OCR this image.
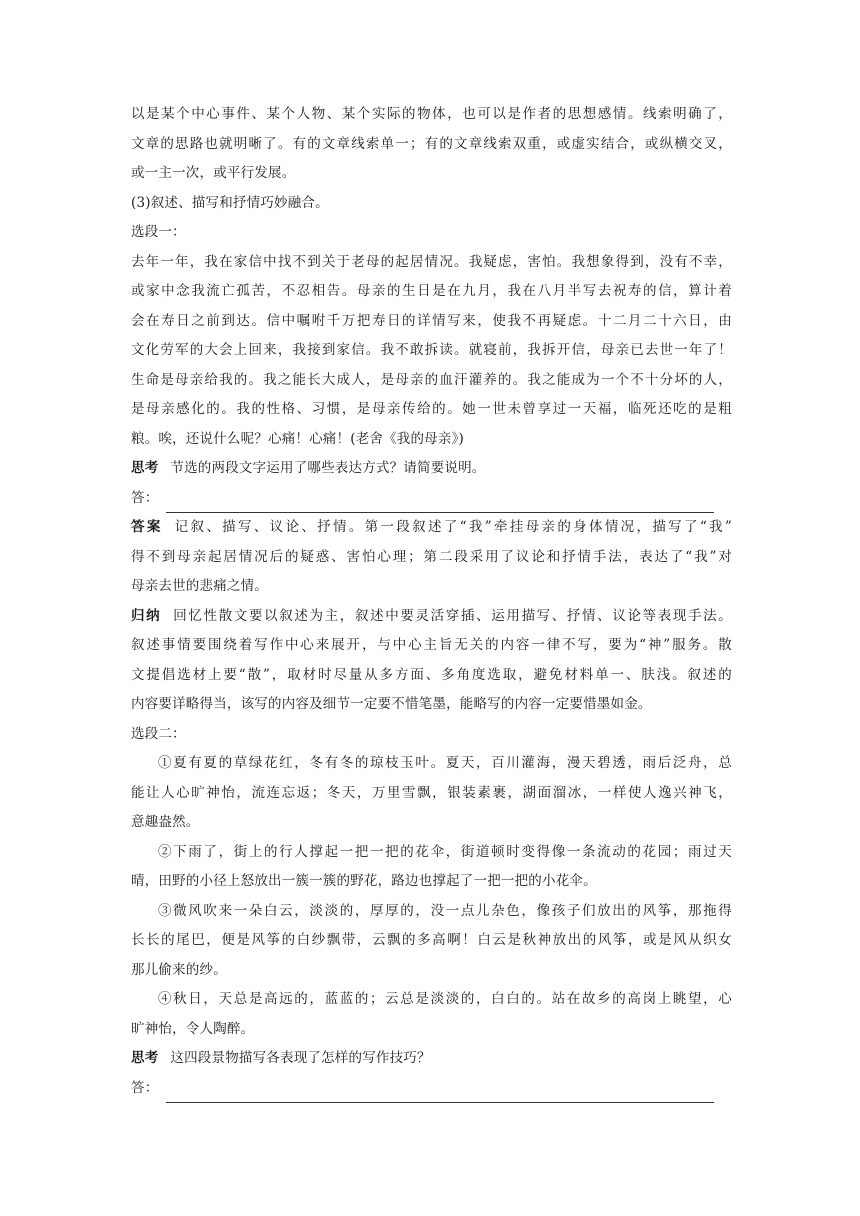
以是某个中心事件、某个人物、某个实际的物体，也可以是作者的思想感情。线索明确了，
文章的思路也就明晰了。有的文章线索单一；有的文章线索双重，或虚实结合，或纵横交叉，
或一主一次，或平行发展。
(3)叙述、描写和抒情巧妙融合。
选段一：
去年一年，我在家信中找不到关于老母的起居情况。我疑虑，害怕。我想象得到，没有不幸，
或家中念我流亡孤苦，不忍相告。母亲的生日是在九月，我在八月半写去祝寿的信，算计着
会在寿日之前到达。信中嘱咐千万把寿日的详情写来，使我不再疑虑。十二月二十六日，由
文化劳军的大会上回来，我接到家信。我不敢拆读。就寝前，我拆开信，母亲已去世一年了！
生命是母亲给我的。我之能长大成人，是母亲的血汗灌养的。我之能成为一个不十分坏的人，
是母亲感化的。我的性格、习惯，是母亲传给的。她一世未曾享过一天福，临死还吃的是粗
粮。唉，还说什么呢？心痛！心痛！(老舍《我的母亲》)
思考 节选的两段文字运用了哪些表达方式？请简要说明。
答：
答案 记叙、描写、议论、抒情。第一段叙述了“我”牵挂母亲的身体情况，描写了“我”
得不到母亲起居情况后的疑惑、害怕心理；第二段采用了议论和抒情手法，表达了“我”对
母亲去世的悲痛之情。
归纳 回忆性散文要以叙述为主，叙述中要灵活穿插、运用描写、抒情、议论等表现手法。
叙述事情要围绕着写作中心来展开，与中心主旨无关的内容一律不写，要为“神”服务。散
文提倡选材上要“散”，取材时尽量从多方面、多角度选取，避免材料单一、肤浅。叙述的
内容要详略得当，该写的内容及细节一定要不惜笔墨，能略写的内容一定要惜墨如金。
选段二：
①夏有夏的草绿花红，冬有冬的琼枝玉叶。夏天，百川灌海，漫天碧透，雨后泛舟，总
能让人心旷神怡，流连忘返；冬天，万里雪飘，银装素裹，湖面溜冰，一样使人逸兴神飞，
意趣盎然。
②下雨了，街上的行人撑起一把一把的花伞，街道顿时变得像一条流动的花园；雨过天
晴，田野的小径上怒放出一簇一簇的野花，路边也撑起了一把一把的小花伞。
③微风吹来一朵白云，淡淡的，厚厚的，没一点儿杂色，像孩子们放出的风筝，那拖得
长长的尾巴，便是风筝的白纱飘带，云飘的多高啊！白云是秋神放出的风筝，或是风从织女
那儿偷来的纱。
④秋日，天总是高远的，蓝蓝的；云总是淡淡的，白白的。站在故乡的高岗上眺望，心
旷神怡，令人陶醉。
思考 这四段景物描写各表现了怎样的写作技巧？
答：
